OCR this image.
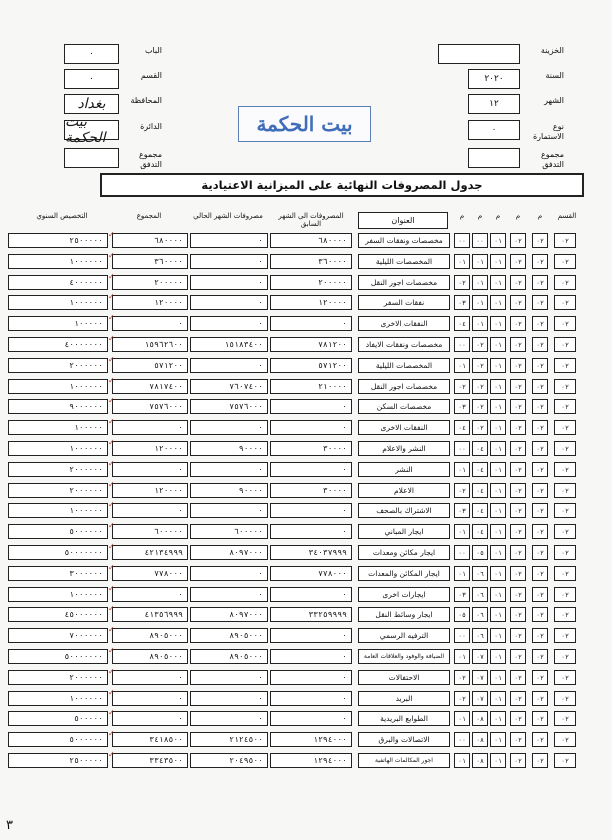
بيت الحكمة
٠	الباب
٠	القسم
بغداد	المحافظة
بيت الحكمة
الدائرة
مجموع التدفق
الخزينة
٢٠٢٠	السنة
١٢	الشهر
٠	نوع الاستمارة
مجموع التدفق
جدول المصروفات النهائية على الميزانية الاعتيادية
التخصيص السنوي	المجموع	مصروفات الشهر الحالي	المصروفات الى الشهر السابق	العنوان	م	م	م	م	م	القسم
٢٥٠٠٠٠٠	٦٨٠٠٠٠	٠	٦٨٠٠٠٠	مخصصات ونفقات السفر	٠٠	٠٠	٠١	٠٢	٠٢	٠٢
✓
١٠٠٠٠٠٠	٣٦٠٠٠٠	٠	٣٦٠٠٠٠	المخصصات الليلية	٠١	٠١	٠١	٠٢	٠٢	٠٢
✓
٤٠٠٠٠٠٠	٢٠٠٠٠٠	٠	٢٠٠٠٠٠	مخصصات اجور النقل	٠٢	٠١	٠١	٠٢	٠٢	٠٢
✓
١٠٠٠٠٠٠	١٢٠٠٠٠	٠	١٢٠٠٠٠	نفقات السفر	٠٣	٠١	٠١	٠٢	٠٢	٠٢
✓
١٠٠٠٠٠	٠	٠	٠	النفقات الاخرى	٠٤	٠١	٠١	٠٢	٠٢	٠٢
✓
٤٠٠٠٠٠٠٠	١٥٩٦٢٦٠٠	١٥١٨٣٤٠٠	٧٨١٢٠٠	مخصصات ونفقات الايفاد	٠٠	٠٢	٠١	٠٢	٠٢	٠٢
✓
٢٠٠٠٠٠٠	٥٧١٢٠٠	٠	٥٧١٢٠٠	المخصصات الليلية	٠١	٠٢	٠١	٠٢	٠٢	٠٢
✓
١٠٠٠٠٠٠	٧٨١٧٤٠٠	٧٦٠٧٤٠٠	٢١٠٠٠٠	مخصصات اجور النقل	٠٢	٠٢	٠١	٠٢	٠٢	٠٢
✓
٩٠٠٠٠٠٠	٧٥٧٦٠٠٠	٧٥٧٦٠٠٠	٠	مخصصات السكن	٠٣	٠٢	٠١	٠٢	٠٢	٠٢
✓
١٠٠٠٠٠	٠	٠	٠	النفقات الاخرى	٠٤	٠٢	٠١	٠٢	٠٢	٠٢
✓
١٠٠٠٠٠٠	١٢٠٠٠٠	٩٠٠٠٠	٣٠٠٠٠	النشر والاعلام	٠٠	٠٤	٠١	٠٢	٠٢	٠٢
✓
٢٠٠٠٠٠٠	٠	٠	٠	النشر	٠١	٠٤	٠١	٠٢	٠٢	٠٢
✓
٢٠٠٠٠٠٠	١٢٠٠٠٠	٩٠٠٠٠	٣٠٠٠٠	الاعلام	٠٢	٠٤	٠١	٠٢	٠٢	٠٢
✓
١٠٠٠٠٠٠	٠	٠	٠	الاشتراك بالصحف	٠٣	٠٤	٠١	٠٢	٠٢	٠٢
✓
٥٠٠٠٠٠٠	٦٠٠٠٠٠	٦٠٠٠٠٠	٠	ايجار المباني	٠١	٠٤	٠١	٠٢	٠٢	٠٢
✓
٥٠٠٠٠٠٠٠	٤٢١٣٤٩٩٩	٨٠٩٧٠٠٠	٣٤٠٣٧٩٩٩	ايجار مكائن ومعدات	٠٠	٠٥	٠١	٠٢	٠٢	٠٢
✓
٣٠٠٠٠٠٠	٧٧٨٠٠٠	٠	٧٧٨٠٠٠	ايجار المكائن والمعدات	٠١	٠٦	٠١	٠٢	٠٢	٠٢
✓
١٠٠٠٠٠٠	٠	٠	٠	ايجارات اخرى	٠٣	٠٦	٠١	٠٢	٠٢	٠٢
✓
٤٥٠٠٠٠٠٠	٤١٣٥٦٩٩٩	٨٠٩٧٠٠٠	٣٣٢٥٩٩٩٩	ايجار وسائط النقل	٠٥	٠٦	٠١	٠٢	٠٢	٠٢
✓
٧٠٠٠٠٠٠	٨٩٠٥٠٠٠	٨٩٠٥٠٠٠	٠	الترفيه الرسمي	٠٠	٠٦	٠١	٠٢	٠٢	٠٢
✓
٥٠٠٠٠٠٠٠	٨٩٠٥٠٠٠	٨٩٠٥٠٠٠	٠	الضيافة والوفود والعلاقات العامة	٠١	٠٧	٠١	٠٢	٠٢	٠٢
✓
٢٠٠٠٠٠٠	٠	٠	٠	الاحتفالات	٠٢	٠٧	٠١	٠٢	٠٢	٠٢
✓
١٠٠٠٠٠٠	٠	٠	٠	البريد	٠٢	٠٧	٠١	٠٢	٠٢	٠٢
✓
٥٠٠٠٠٠	٠	٠	٠	الطوابع البريدية	٠١	٠٨	٠١	٠٢	٠٢	٠٢
✓
٥٠٠٠٠٠٠	٣٤١٨٥٠٠	٢١٢٤٥٠٠	١٢٩٤٠٠٠	الاتصالات والبرق	٠٠	٠٨	٠١	٠٢	٠٢	٠٢
✓
٢٥٠٠٠٠٠	٣٣٤٣٥٠٠	٢٠٤٩٥٠٠	١٢٩٤٠٠٠	اجور المكالمات الهاتفية	٠١	٠٨	٠١	٠٢	٠٢	٠٢
✓
٣
